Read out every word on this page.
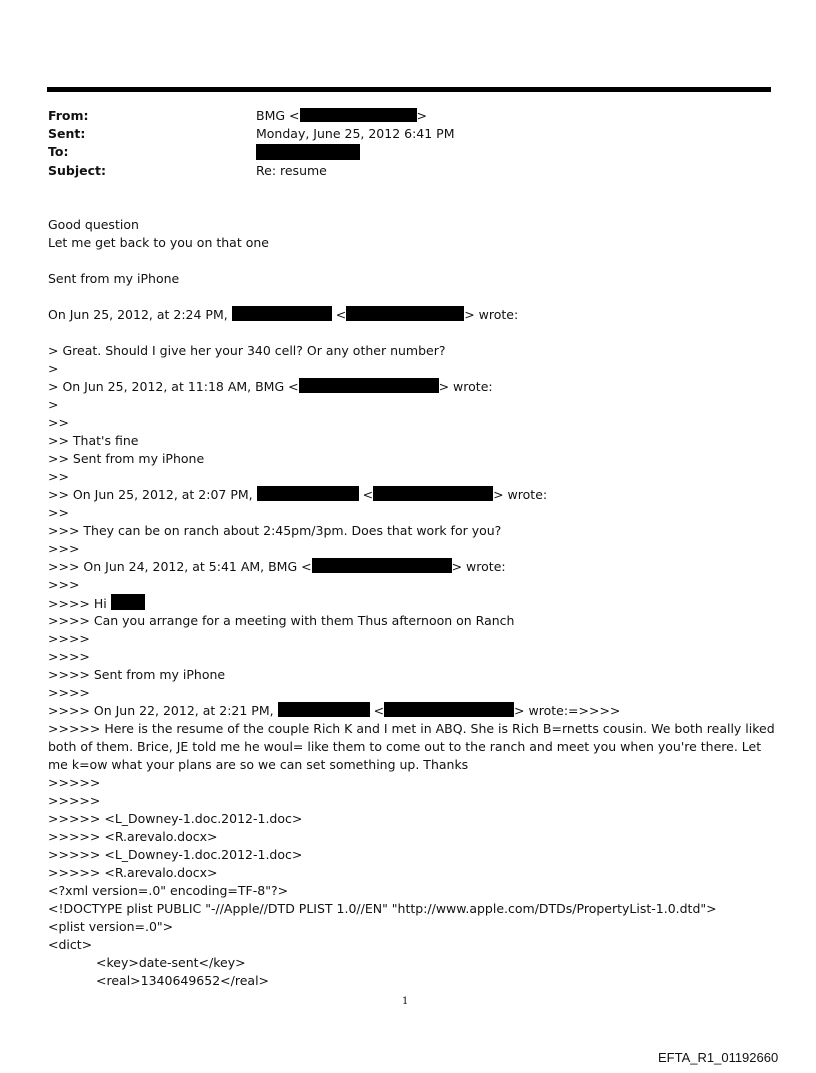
From:	BMG <	>
Sent:	Monday, June 25, 2012 6:41 PM
To:
Subject:	Re: resume
Good question
Let me get back to you on that one
Sent from my iPhone
On Jun 25, 2012, at 2:24 PM,	<	> wrote:
> Great. Should I give her your 340 cell? Or any other number?
>
> On Jun 25, 2012, at 11:18 AM, BMG <	> wrote:
>
>>
>> That's fine
>> Sent from my iPhone
>>
>> On Jun 25, 2012, at 2:07 PM,	<	> wrote:
>>
>>> They can be on ranch about 2:45pm/3pm. Does that work for you?
>>>
>>> On Jun 24, 2012, at 5:41 AM, BMG <	> wrote:
>>>
>>>> Hi
>>>> Can you arrange for a meeting with them Thus afternoon on Ranch
>>>>
>>>>
>>>> Sent from my iPhone
>>>>
>>>> On Jun 22, 2012, at 2:21 PM,	<	> wrote:=>>>>
>>>>> Here is the resume of the couple Rich K and I met in ABQ. She is Rich B=rnetts cousin. We both really liked both of them. Brice, JE told me he woul= like them to come out to the ranch and meet you when you're there. Let me k=ow what your plans are so we can set something up. Thanks
>>>>>
>>>>>
>>>>> <L_Downey-1.doc.2012-1.doc>
>>>>> <R.arevalo.docx>
>>>>> <L_Downey-1.doc.2012-1.doc>
>>>>> <R.arevalo.docx>
<?xml version=.0" encoding=TF-8"?>
<!DOCTYPE plist PUBLIC "-//Apple//DTD PLIST 1.0//EN" "http://www.apple.com/DTDs/PropertyList-1.0.dtd">
<plist version=.0">
<dict>
<key>date-sent</key>
<real>1340649652</real>
1
EFTA_R1_01192660
